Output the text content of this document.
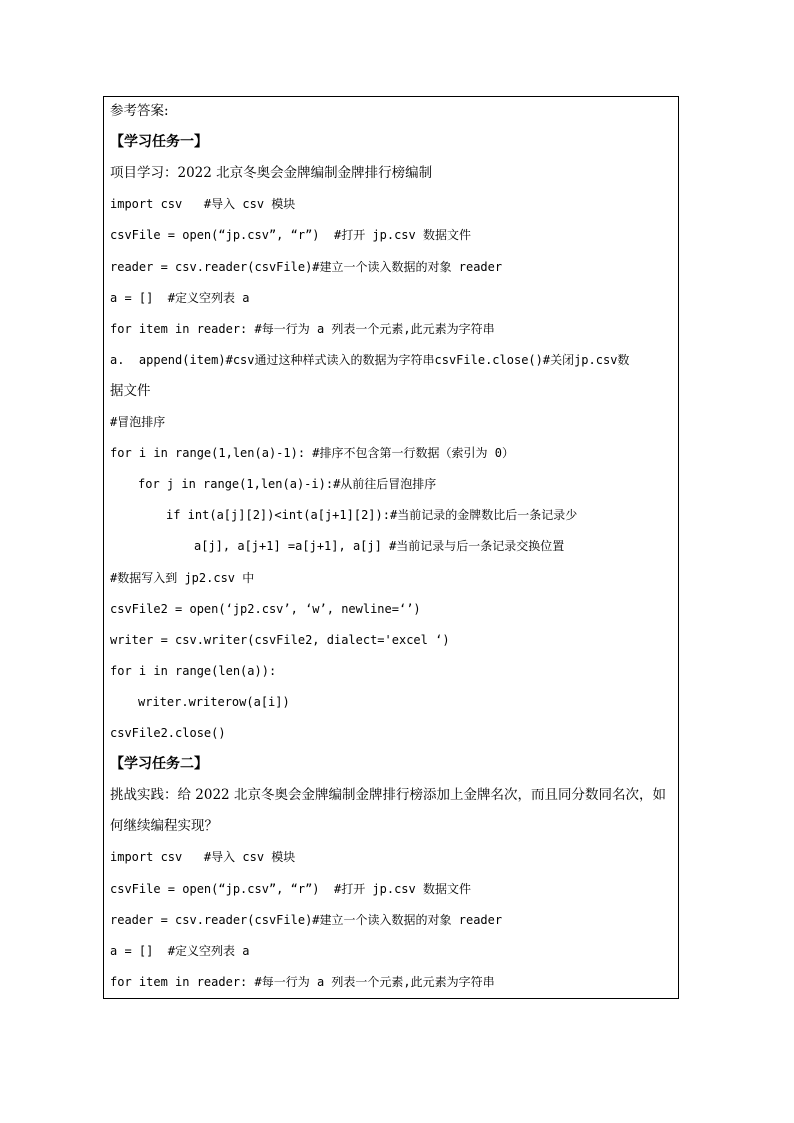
参考答案:
【学习任务一】
项目学习：2022 北京冬奥会金牌编制金牌排行榜编制
import csv   #导入 csv 模块
csvFile = open(“jp.csv”, “r”)  #打开 jp.csv 数据文件
reader = csv.reader(csvFile)#建立一个读入数据的对象 reader
a = []  #定义空列表 a
for item in reader: #每一行为 a 列表一个元素,此元素为字符串
a.  append(item)#csv通过这种样式读入的数据为字符串csvFile.close()#关闭jp.csv数
据文件
#冒泡排序
for i in range(1,len(a)-1): #排序不包含第一行数据（索引为 0）
for j in range(1,len(a)-i):#从前往后冒泡排序
if int(a[j][2])<int(a[j+1][2]):#当前记录的金牌数比后一条记录少
a[j], a[j+1] =a[j+1], a[j] #当前记录与后一条记录交换位置
#数据写入到 jp2.csv 中
csvFile2 = open(‘jp2.csv’, ‘w’, newline=‘’)
writer = csv.writer(csvFile2, dialect='excel ‘)
for i in range(len(a)):
writer.writerow(a[i])
csvFile2.close()
【学习任务二】
挑战实践：给 2022 北京冬奥会金牌编制金牌排行榜添加上金牌名次，而且同分数同名次，如
何继续编程实现？
import csv   #导入 csv 模块
csvFile = open(“jp.csv”, “r”)  #打开 jp.csv 数据文件
reader = csv.reader(csvFile)#建立一个读入数据的对象 reader
a = []  #定义空列表 a
for item in reader: #每一行为 a 列表一个元素,此元素为字符串
